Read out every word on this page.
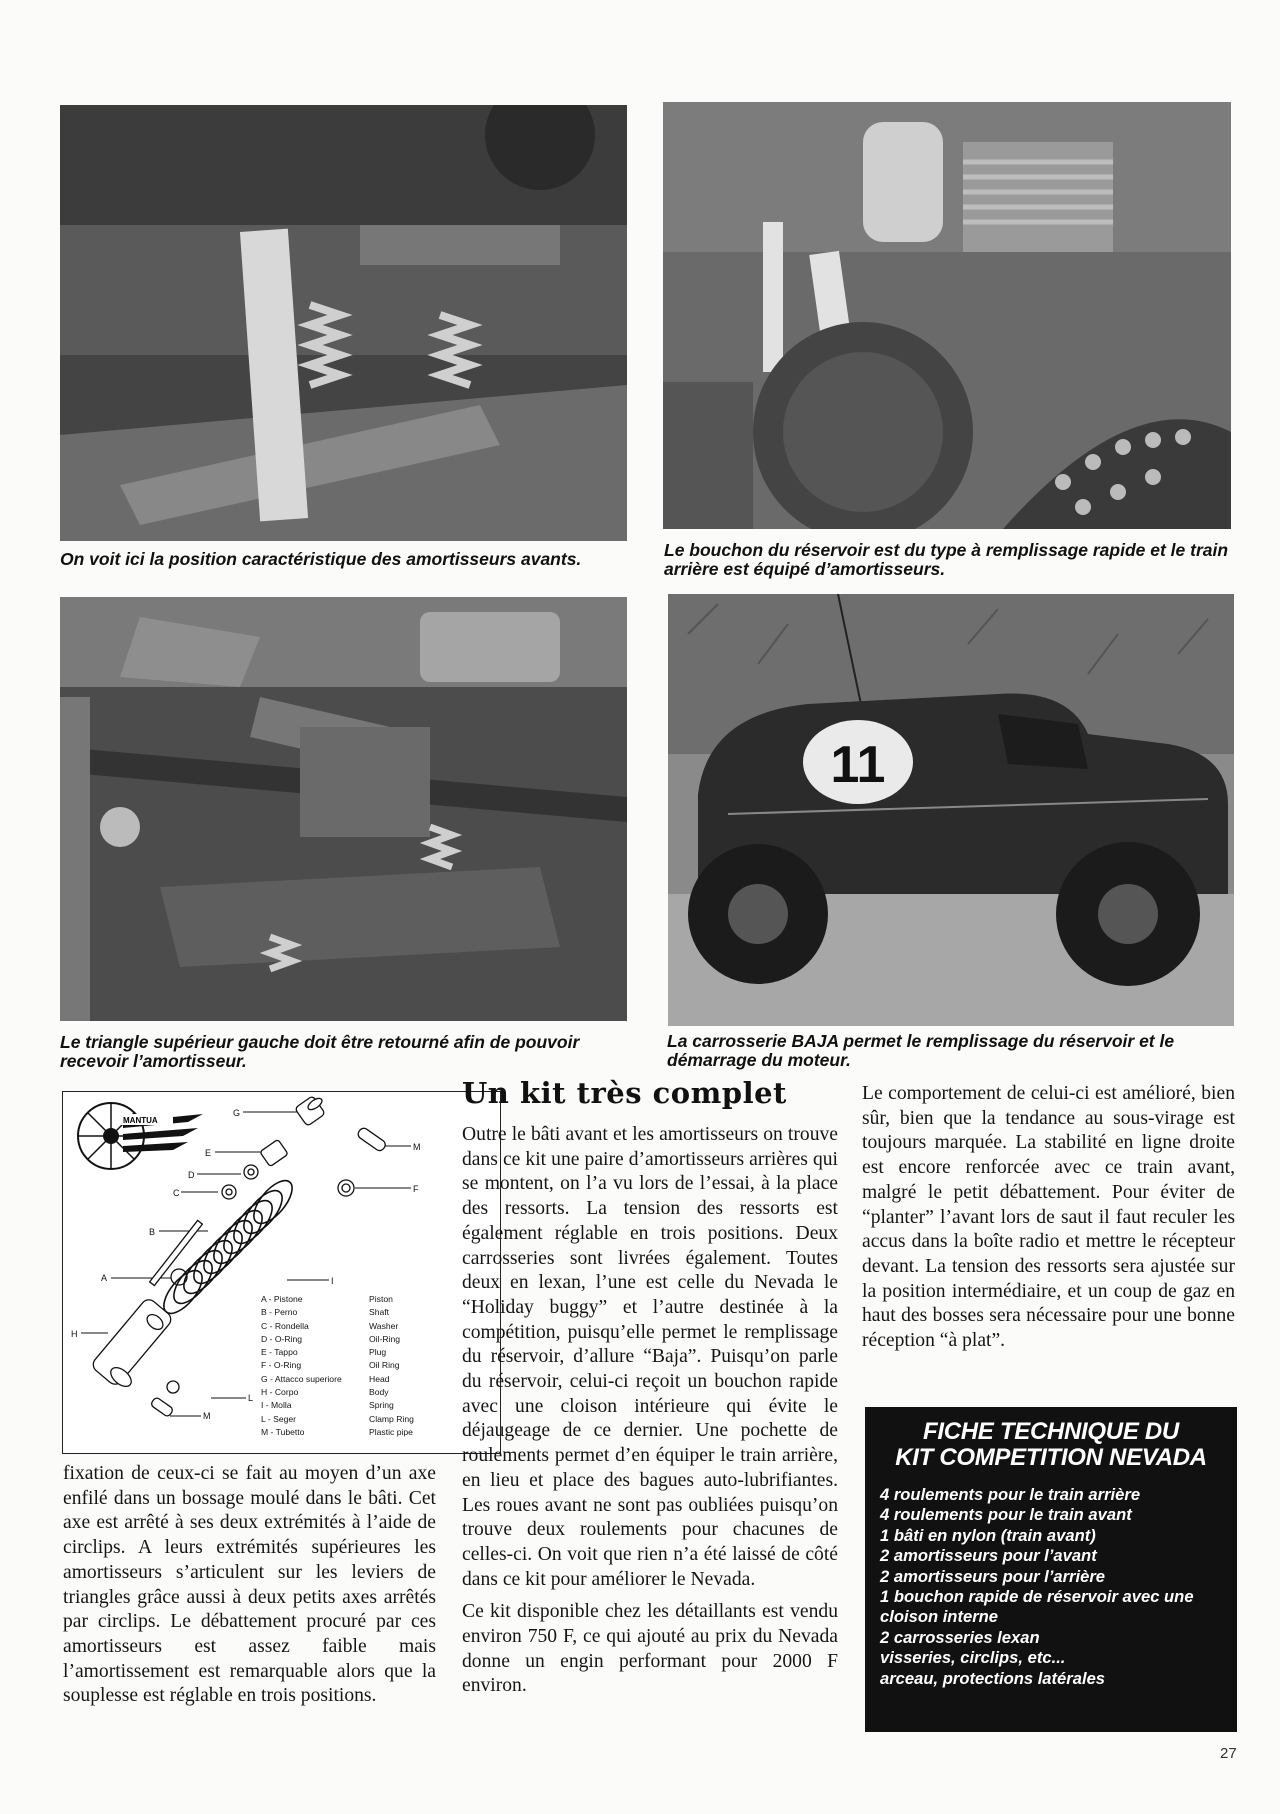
On voit ici la position caractéristique des amortisseurs avants.	Le bouchon du réservoir est du type à remplissage rapide et le train arrière est équipé d’amortisseurs.
Le triangle supérieur gauche doit être retourné afin de pouvoir recevoir l’amortisseur.
11
La carrosserie BAJA permet le remplissage du réservoir et le démarrage du moteur.
MANTUA
G
M
E
D
F
C
B
I
A
H
L
M
A - Pistone	Piston
B - Perno	Shaft
C - Rondella	Washer
D - O-Ring	Oil-Ring
E - Tappo	Plug
F - O-Ring	Oil Ring
G - Attacco superiore	Head
H - Corpo	Body
I - Molla	Spring
L - Seger	Clamp Ring
M - Tubetto	Plastic pipe

fixation de ceux-ci se fait au moyen d’un axe enfilé dans un bossage moulé dans le bâti. Cet axe est arrêté à ses deux extrémités à l’aide de circlips. A leurs extrémités supérieures les amortisseurs s’articulent sur les leviers de triangles grâce aussi à deux petits axes arrêtés par circlips. Le débattement procuré par ces amortisseurs est assez faible mais l’amortissement est remarquable alors que la souplesse est réglable en trois positions.

Un kit très complet

Outre le bâti avant et les amortisseurs on trouve dans ce kit une paire d’amortisseurs arrières qui se montent, on l’a vu lors de l’essai, à la place des ressorts. La tension des ressorts est également réglable en trois positions. Deux carrosseries sont livrées également. Toutes deux en lexan, l’une est celle du Nevada le “Holiday buggy” et l’autre destinée à la compétition, puisqu’elle permet le remplissage du réservoir, d’allure “Baja”. Puisqu’on parle du réservoir, celui-ci reçoit un bouchon rapide avec une cloison intérieure qui évite le déjaugeage de ce dernier. Une pochette de roulements permet d’en équiper le train arrière, en lieu et place des bagues auto-lubrifiantes. Les roues avant ne sont pas oubliées puisqu’on trouve deux roulements pour chacunes de celles-ci. On voit que rien n’a été laissé de côté dans ce kit pour améliorer le Nevada.

Ce kit disponible chez les détaillants est vendu environ 750 F, ce qui ajouté au prix du Nevada donne un engin performant pour 2000 F environ.

Le comportement de celui-ci est amélioré, bien sûr, bien que la tendance au sous-virage est toujours marquée. La stabilité en ligne droite est encore renforcée avec ce train avant, malgré le petit débattement. Pour éviter de “planter” l’avant lors de saut il faut reculer les accus dans la boîte radio et mettre le récepteur devant. La tension des ressorts sera ajustée sur la position intermédiaire, et un coup de gaz en haut des bosses sera nécessaire pour une bonne réception “à plat”.

FICHE TECHNIQUE DU
KIT COMPETITION NEVADA
4 roulements pour le train arrière
4 roulements pour le train avant
1 bâti en nylon (train avant)
2 amortisseurs pour l’avant
2 amortisseurs pour l’arrière
1 bouchon rapide de réservoir avec une cloison interne
2 carrosseries lexan
visseries, circlips, etc...
arceau, protections latérales
27
